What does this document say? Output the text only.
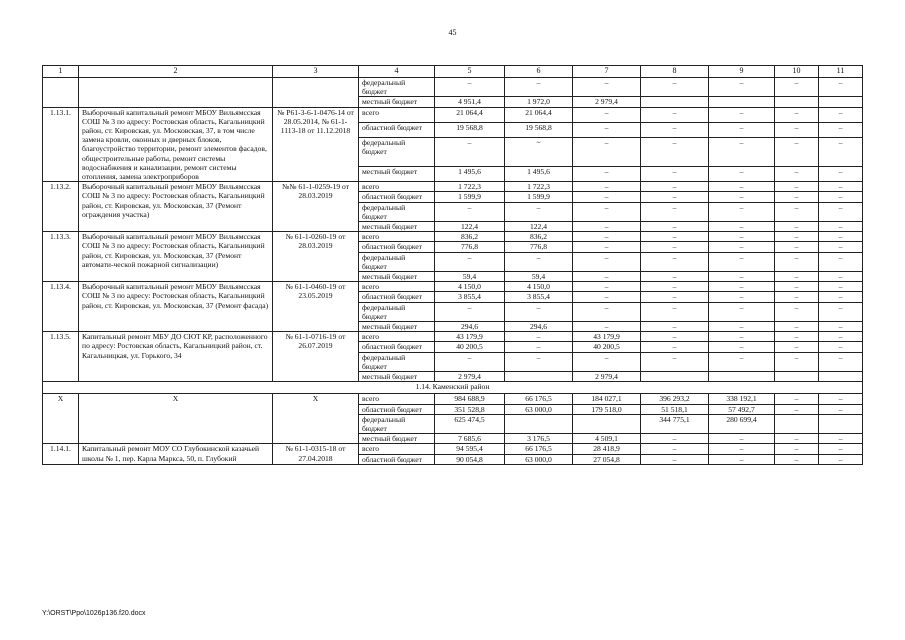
45
1	2	3	4	5	6	7	8	9	10	11
			федеральный бюджет	–	–	–	–	–	–	–
			местный бюджет	4 951,4	1 972,0	2 979,4				
1.13.1.	Выборочный капитальный ремонт МБОУ Вильямсская СОШ № 3 по адресу: Ростовская область, Кагальницкий район, ст. Кировская, ул. Московская, 37, в том числе замена кровли, оконных и дверных блоков, благоустройство территории, ремонт элементов фасадов, общестроительные работы, ремонт системы водоснабжения и канализации, ремонт системы отопления, замена электроприборов	№ Р61-3-6-1-0476-14 от 28.05.2014, № 61-1-1113-18 от 11.12.2018	всего	21 064,4	21 064,4	–	–	–	–	–
			областной бюджет	19 568,8	19 568,8	–	–	–	–	–
			федеральный бюджет	–	~	–	–	–	–	–
			местный бюджет	1 495,6	1 495,6	–	–	–	–	–
1.13.2.	Выборочный капитальный ремонт МБОУ Вильямсская СОШ № 3 по адресу: Ростовская область, Кагальницкий район, ст. Кировская, ул. Московская, 37 (Ремонт ограждения участка)	№№ 61-1-0259-19 от 28.03.2019	всего	1 722,3	1 722,3	–	–	–	–	–
			областной бюджет	1 599,9	1 599,9	–	–	–	–	–
			федеральный бюджет	–	–	–	–	–	–	–
			местный бюджет	122,4	122,4	–	–	–	–	–
1.13.3.	Выборочный капитальный ремонт МБОУ Вильямсская СОШ № 3 по адресу: Ростовская область, Кагальницкий район, ст. Кировская, ул. Московская, 37 (Ремонт автомати-ческой пожарной сигнализации)	№ 61-1-0260-19 от 28.03.2019	всего	836,2	836,2	–	–	–	–	–
			областной бюджет	776,8	776,8	–	–	–	–	–
			федеральный бюджет	–	–	–	–	–	–	–
			местный бюджет	59,4	59,4	–	–	–	–	–
1.13.4.	Выборочный капитальный ремонт МБОУ Вильямсская СОШ № 3 по адресу: Ростовская область, Кагальницкий район, ст. Кировская, ул. Московская, 37 (Ремонт фасада)	№ 61-1-0460-19 от 23.05.2019	всего	4 150,0	4 150,0	–	–	–	–	–
			областной бюджет	3 855,4	3 855,4	–	–	–	–	–
			федеральный бюджет	–	–	–	–	–	–	–
			местный бюджет	294,6	294,6	–	–	–	–	–
1.13.5.	Капитальный ремонт МБУ ДО СЮТ КР, расположенного по адресу: Ростовская область, Кагальницкий район, ст. Кагальницкая, ул. Горького, 34	№ 61-1-0716-19 от 26.07.2019	всего	43 179,9	–	43 179,9	–	–	–	–
			областной бюджет	40 200,5	–	40 200,5	–	–	–	–
			федеральный бюджет	–	–	–	–	–	–	–
			местный бюджет	2 979,4		2 979,4				
1.14. Каменский район										
Х	Х	Х	всего	984 688,9	66 176,5	184 027,1	396 293,2	338 192,1	–	–
			областной бюджет	351 528,8	63 000,0	179 518,0	51 518,1	57 492,7	–	–
			федеральный бюджет	625 474,5			344 775,1	280 699,4		
			местный бюджет	7 685,6	3 176,5	4 509,1	–	–	–	–
1.14.1.	Капитальный ремонт МОУ СО Глубокинской казачьей школы № 1, пер. Карла Маркса, 50, п. Глубокий	№ 61-1-0315-18 от 27.04.2018	всего	94 595,4	66 176,5	28 418,9	–	–	–	–
			областной бюджет	90 054,8	63 000,0	27 054,8	–	–	–	–
Y:\ORST\Ppo\1026p136.f20.docx
